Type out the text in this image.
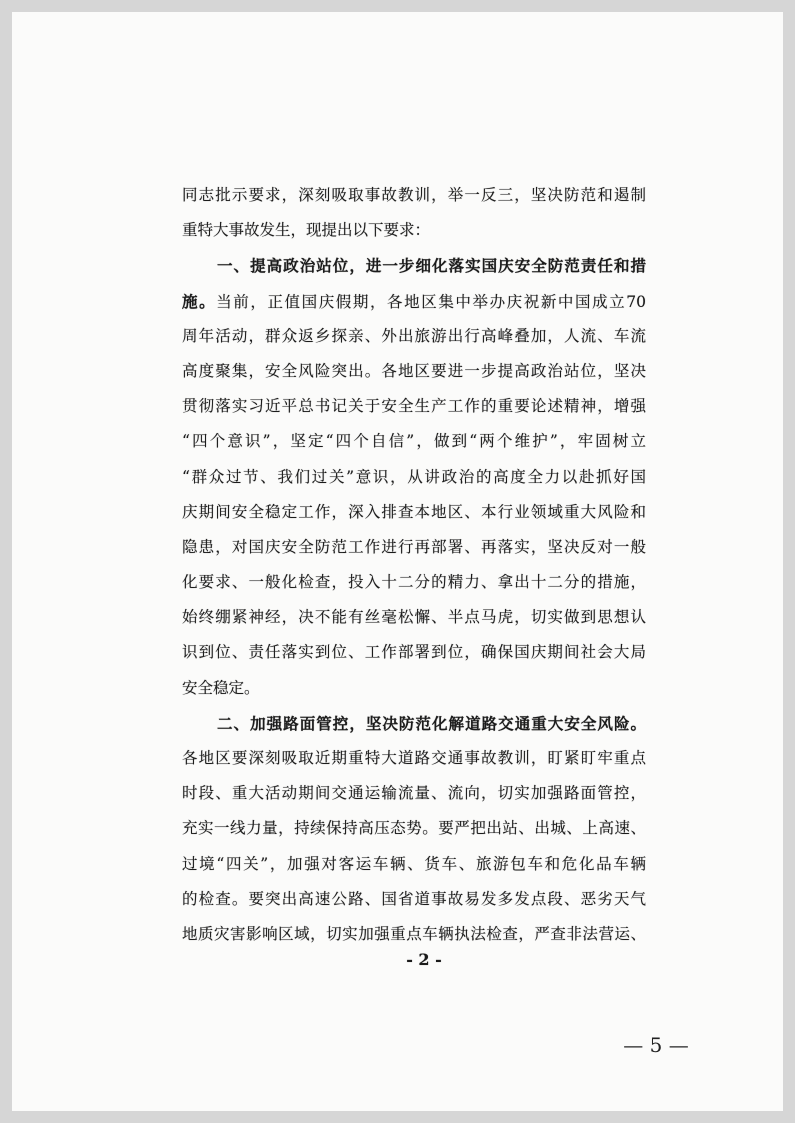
同志批示要求，深刻吸取事故教训，举一反三，坚决防范和遏制
重特大事故发生，现提出以下要求：
一、提高政治站位，进一步细化落实国庆安全防范责任和措
施。当前，正值国庆假期，各地区集中举办庆祝新中国成立70
周年活动，群众返乡探亲、外出旅游出行高峰叠加，人流、车流
高度聚集，安全风险突出。各地区要进一步提高政治站位，坚决
贯彻落实习近平总书记关于安全生产工作的重要论述精神，增强
“四个意识”，坚定“四个自信”，做到“两个维护”，牢固树立
“群众过节、我们过关”意识，从讲政治的高度全力以赴抓好国
庆期间安全稳定工作，深入排查本地区、本行业领域重大风险和
隐患，对国庆安全防范工作进行再部署、再落实，坚决反对一般
化要求、一般化检查，投入十二分的精力、拿出十二分的措施，
始终绷紧神经，决不能有丝毫松懈、半点马虎，切实做到思想认
识到位、责任落实到位、工作部署到位，确保国庆期间社会大局
安全稳定。
二、加强路面管控，坚决防范化解道路交通重大安全风险。
各地区要深刻吸取近期重特大道路交通事故教训，盯紧盯牢重点
时段、重大活动期间交通运输流量、流向，切实加强路面管控，
充实一线力量，持续保持高压态势。要严把出站、出城、上高速、
过境“四关”，加强对客运车辆、货车、旅游包车和危化品车辆
的检查。要突出高速公路、国省道事故易发多发点段、恶劣天气
地质灾害影响区域，切实加强重点车辆执法检查，严查非法营运、
- 2 -
— 5 —
